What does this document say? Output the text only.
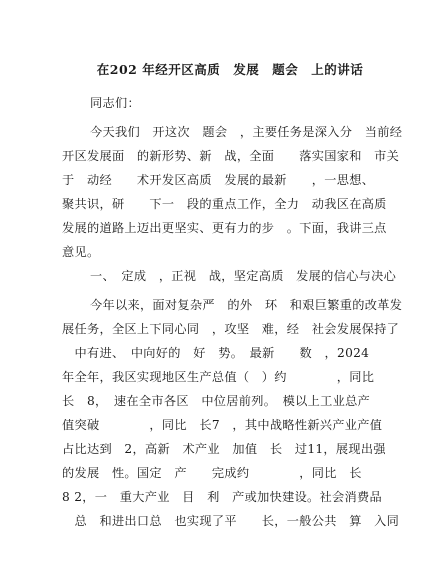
在202 年经开区高质　发展　题会　上的讲话
同志们：
今天我们　开这次　题会　，主要任务是深入分　当前经
开区发展面　的新形势、新　战，全面　　落实国家和　市关
于　动经　　术开发区高质　发展的最新　　，一思想、
聚共识，研　　下一　段的重点工作，全力　动我区在高质
发展的道路上迈出更坚实、更有力的步　。下面，我讲三点
意见。
一、　定成　，正视　战，坚定高质　发展的信心与决心
今年以来，面对复杂严　的外　环　和艰巨繁重的改革发
展任务，全区上下同心同　，攻坚　难，经　社会发展保持了
　中有进、　中向好的　好　势。　最新　　数　，2024
年全年，我区实现地区生产总值（　）约　　　　，同比
长　8，　速在全市各区　中位居前列。　模以上工业总产
值突破　　　　，同比　长7　，其中战略性新兴产业产值
占比达到　2，高新　术产业　加值　长　过11，展现出强
的发展　性。国定　产　　完成约　　　　，同比　长
8 2，一　重大产业　目　利　产或加快建设。社会消费品
　总　和进出口总　也实现了平　　长，一般公共　算　入同
